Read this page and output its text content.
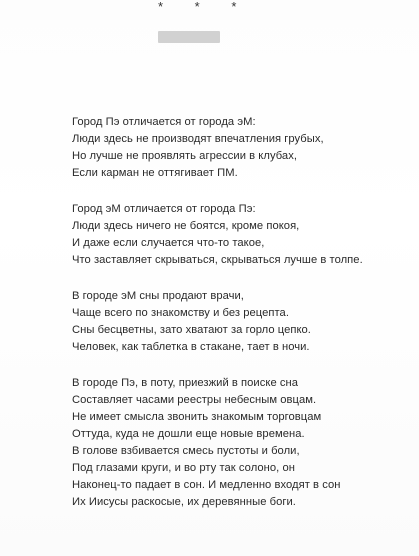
* * *
Город Пэ отличается от города эМ:
Люди здесь не производят впечатления грубых,
Но лучше не проявлять агрессии в клубах,
Если карман не оттягивает ПМ.
Город эМ отличается от города Пэ:
Люди здесь ничего не боятся, кроме покоя,
И даже если случается что-то такое,
Что заставляет скрываться, скрываться лучше в толпе.
В городе эМ сны продают врачи,
Чаще всего по знакомству и без рецепта.
Сны бесцветны, зато хватают за горло цепко.
Человек, как таблетка в стакане, тает в ночи.
В городе Пэ, в поту, приезжий в поиске сна
Составляет часами реестры небесным овцам.
Не имеет смысла звонить знакомым торговцам
Оттуда, куда не дошли еще новые времена.
В голове взбивается смесь пустоты и боли,
Под глазами круги, и во рту так солоно, он
Наконец-то падает в сон. И медленно входят в сон
Их Иисусы раскосые, их деревянные боги.
